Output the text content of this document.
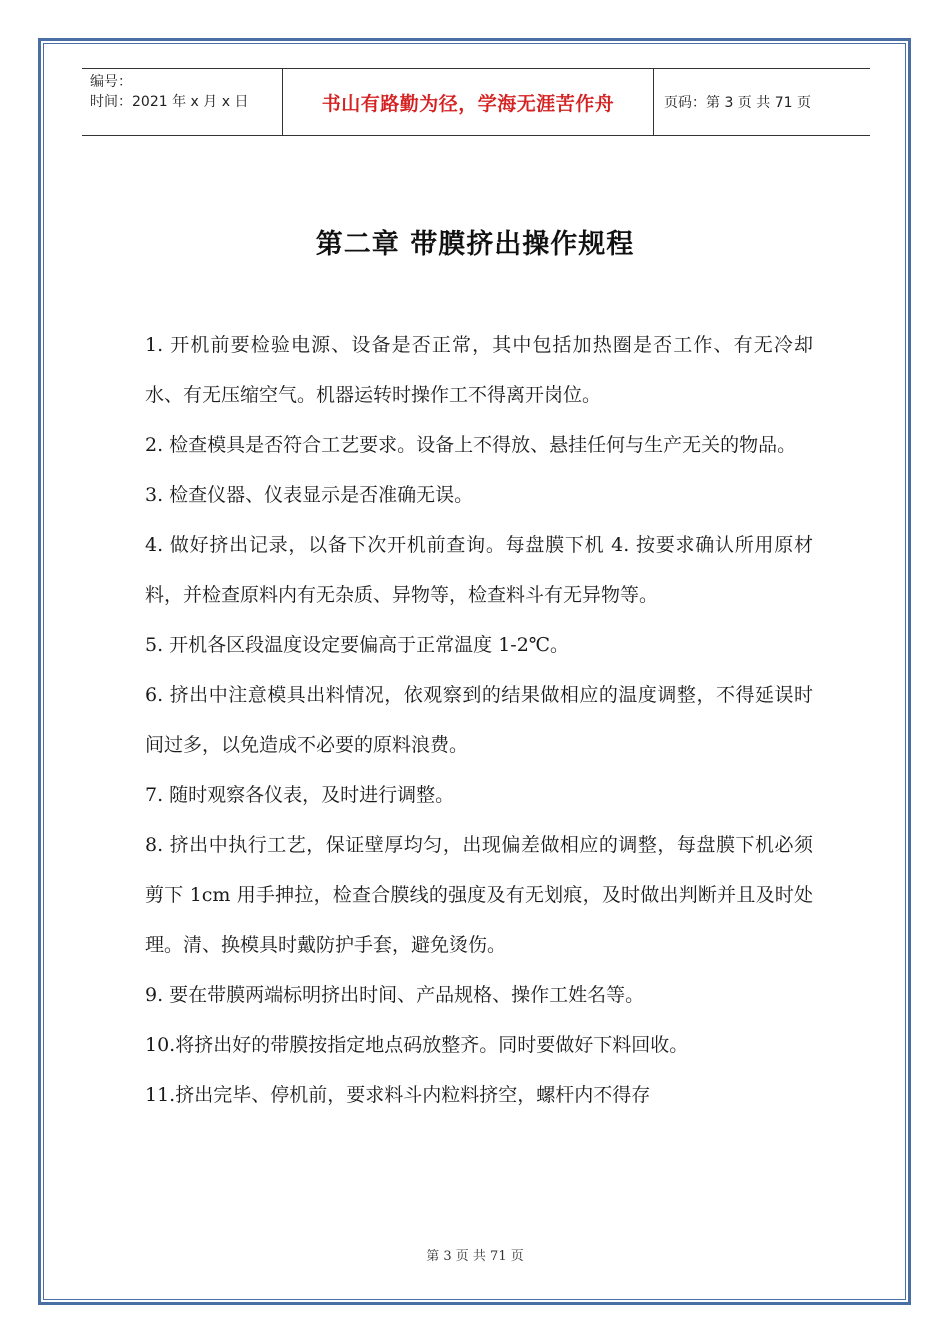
编号：
时间：2021 年 x 月 x 日	书山有路勤为径，学海无涯苦作舟	页码：第 3 页 共 71 页
第二章 带膜挤出操作规程

1. 开机前要检验电源、设备是否正常，其中包括加热圈是否工作、有无冷却水、有无压缩空气。机器运转时操作工不得离开岗位。

2. 检查模具是否符合工艺要求。设备上不得放、悬挂任何与生产无关的物品。

3. 检查仪器、仪表显示是否准确无误。

4. 做好挤出记录，以备下次开机前查询。每盘膜下机 4. 按要求确认所用原材料，并检查原料内有无杂质、异物等，检查料斗有无异物等。

5. 开机各区段温度设定要偏高于正常温度 1-2℃。

6. 挤出中注意模具出料情况，依观察到的结果做相应的温度调整，不得延误时间过多，以免造成不必要的原料浪费。

7. 随时观察各仪表，及时进行调整。

8. 挤出中执行工艺，保证壁厚均匀，出现偏差做相应的调整，每盘膜下机必须剪下 1cm 用手抻拉，检查合膜线的强度及有无划痕，及时做出判断并且及时处理。清、换模具时戴防护手套，避免烫伤。

9. 要在带膜两端标明挤出时间、产品规格、操作工姓名等。

10.将挤出好的带膜按指定地点码放整齐。同时要做好下料回收。

11.挤出完毕、停机前，要求料斗内粒料挤空，螺杆内不得存

第 3 页 共 71 页
